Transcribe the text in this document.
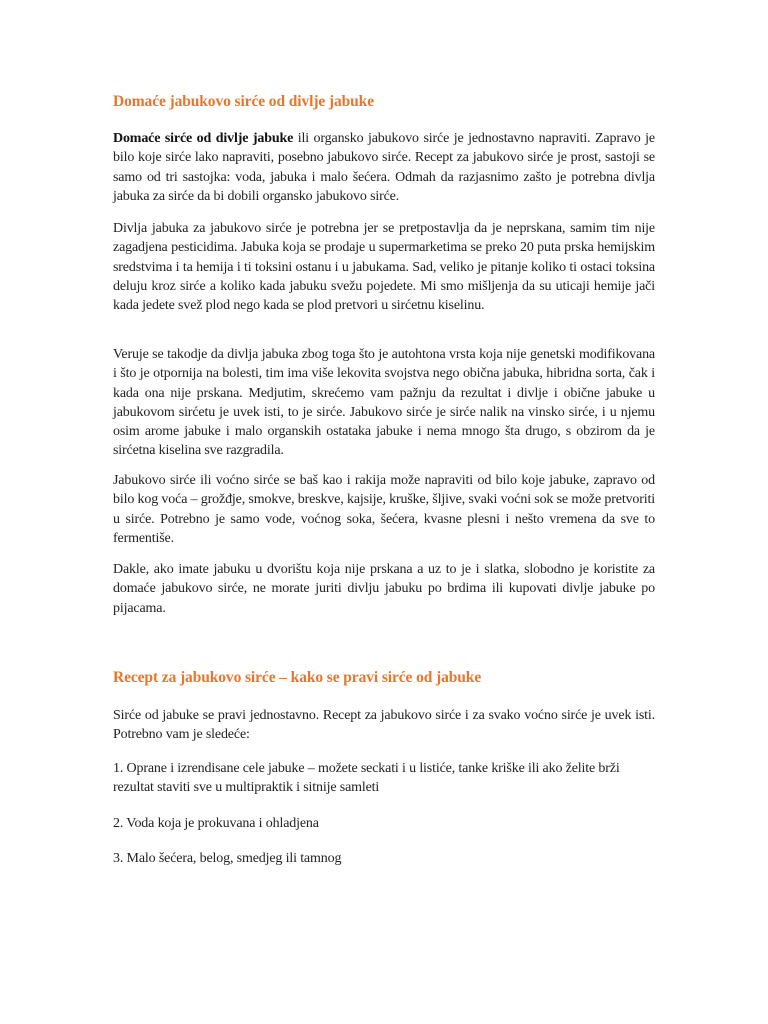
Domaće jabukovo sirće od divlje jabuke

Domaće sirće od divlje jabuke ili organsko jabukovo sirće je jednostavno napraviti. Zapravo je bilo koje sirće lako napraviti, posebno jabukovo sirće. Recept za jabukovo sirće je prost, sastoji se samo od tri sastojka: voda, jabuka i malo šećera. Odmah da razjasnimo zašto je potrebna divlja jabuka za sirće da bi dobili organsko jabukovo sirće.

Divlja jabuka za jabukovo sirće je potrebna jer se pretpostavlja da je neprskana, samim tim nije zagadjena pesticidima. Jabuka koja se prodaje u supermarketima se preko 20 puta prska hemijskim sredstvima i ta hemija i ti toksini ostanu i u jabukama. Sad, veliko je pitanje koliko ti ostaci toksina deluju kroz sirće a koliko kada jabuku svežu pojedete. Mi smo mišljenja da su uticaji hemije jači kada jedete svež plod nego kada se plod pretvori u sirćetnu kiselinu.

Veruje se takodje da divlja jabuka zbog toga što je autohtona vrsta koja nije genetski modifikovana i što je otpornija na bolesti, tim ima više lekovita svojstva nego obična jabuka, hibridna sorta, čak i kada ona nije prskana. Medjutim, skrećemo vam pažnju da rezultat i divlje i obične jabuke u jabukovom sirćetu je uvek isti, to je sirće. Jabukovo sirće je sirće nalik na vinsko sirće, i u njemu osim arome jabuke i malo organskih ostataka jabuke i nema mnogo šta drugo, s obzirom da je sirćetna kiselina sve razgradila.

Jabukovo sirće ili voćno sirće se baš kao i rakija može napraviti od bilo koje jabuke, zapravo od bilo kog voća – grožđje, smokve, breskve, kajsije, kruške, šljive, svaki voćni sok se može pretvoriti u sirće. Potrebno je samo vode, voćnog soka, šećera, kvasne plesni i nešto vremena da sve to fermentiše.

Dakle, ako imate jabuku u dvorištu koja nije prskana a uz to je i slatka, slobodno je koristite za domaće jabukovo sirće, ne morate juriti divlju jabuku po brdima ili kupovati divlje jabuke po pijacama.

Recept za jabukovo sirće – kako se pravi sirće od jabuke

Sirće od jabuke se pravi jednostavno. Recept za jabukovo sirće i za svako voćno sirće je uvek isti. Potrebno vam je sledeće:

1. Oprane i izrendisane cele jabuke – možete seckati i u listiće, tanke kriške ili ako želite brži rezultat staviti sve u multipraktik i sitnije samleti

2. Voda koja je prokuvana i ohladjena

3. Malo šećera, belog, smedjeg ili tamnog
